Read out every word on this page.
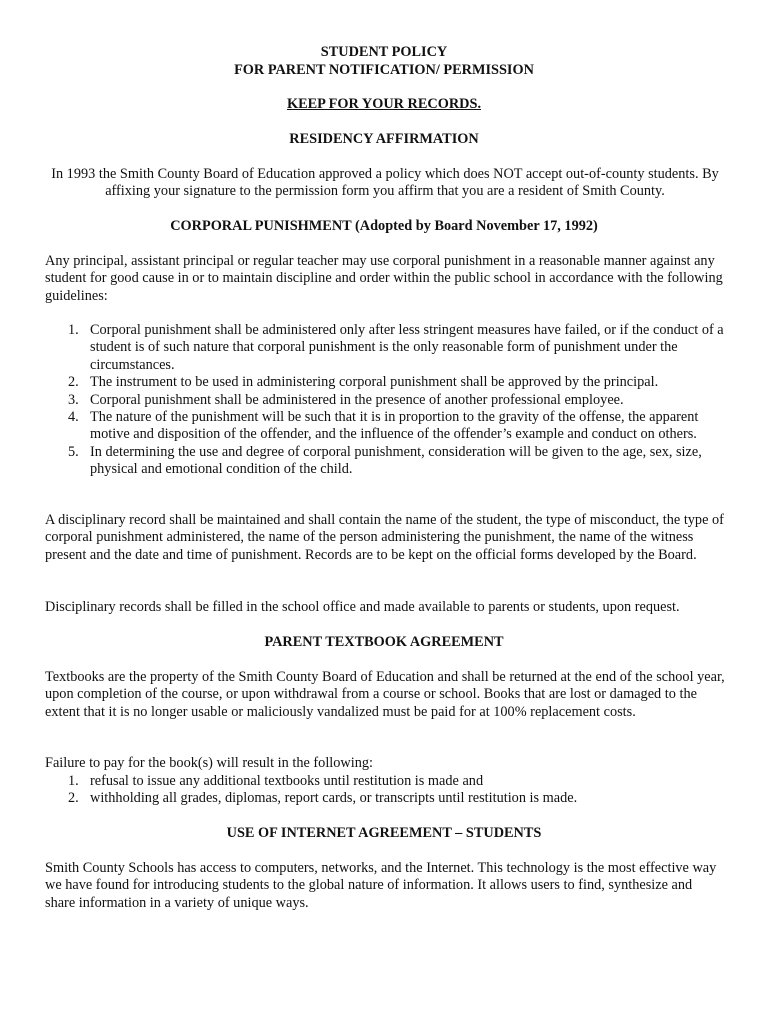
STUDENT POLICY

FOR PARENT NOTIFICATION/ PERMISSION

KEEP FOR YOUR RECORDS.

RESIDENCY AFFIRMATION

In 1993 the Smith County Board of Education approved a policy which does NOT accept out-of-county students. By affixing your signature to the permission form you affirm that you are a resident of Smith County.

CORPORAL PUNISHMENT (Adopted by Board November 17, 1992)

Any principal, assistant principal or regular teacher may use corporal punishment in a reasonable manner against any student for good cause in or to maintain discipline and order within the public school in accordance with the following guidelines:

1. Corporal punishment shall be administered only after less stringent measures have failed, or if the conduct of a student is of such nature that corporal punishment is the only reasonable form of punishment under the circumstances.
2. The instrument to be used in administering corporal punishment shall be approved by the principal.
3. Corporal punishment shall be administered in the presence of another professional employee.
4. The nature of the punishment will be such that it is in proportion to the gravity of the offense, the apparent motive and disposition of the offender, and the influence of the offender’s example and conduct on others.
5. In determining the use and degree of corporal punishment, consideration will be given to the age, sex, size, physical and emotional condition of the child.

A disciplinary record shall be maintained and shall contain the name of the student, the type of misconduct, the type of corporal punishment administered, the name of the person administering the punishment, the name of the witness present and the date and time of punishment. Records are to be kept on the official forms developed by the Board.

Disciplinary records shall be filled in the school office and made available to parents or students, upon request.

PARENT TEXTBOOK AGREEMENT

Textbooks are the property of the Smith County Board of Education and shall be returned at the end of the school year, upon completion of the course, or upon withdrawal from a course or school. Books that are lost or damaged to the extent that it is no longer usable or maliciously vandalized must be paid for at 100% replacement costs.

Failure to pay for the book(s) will result in the following:

1. refusal to issue any additional textbooks until restitution is made and
2. withholding all grades, diplomas, report cards, or transcripts until restitution is made.

USE OF INTERNET AGREEMENT – STUDENTS

Smith County Schools has access to computers, networks, and the Internet. This technology is the most effective way we have found for introducing students to the global nature of information. It allows users to find, synthesize and share information in a variety of unique ways.
